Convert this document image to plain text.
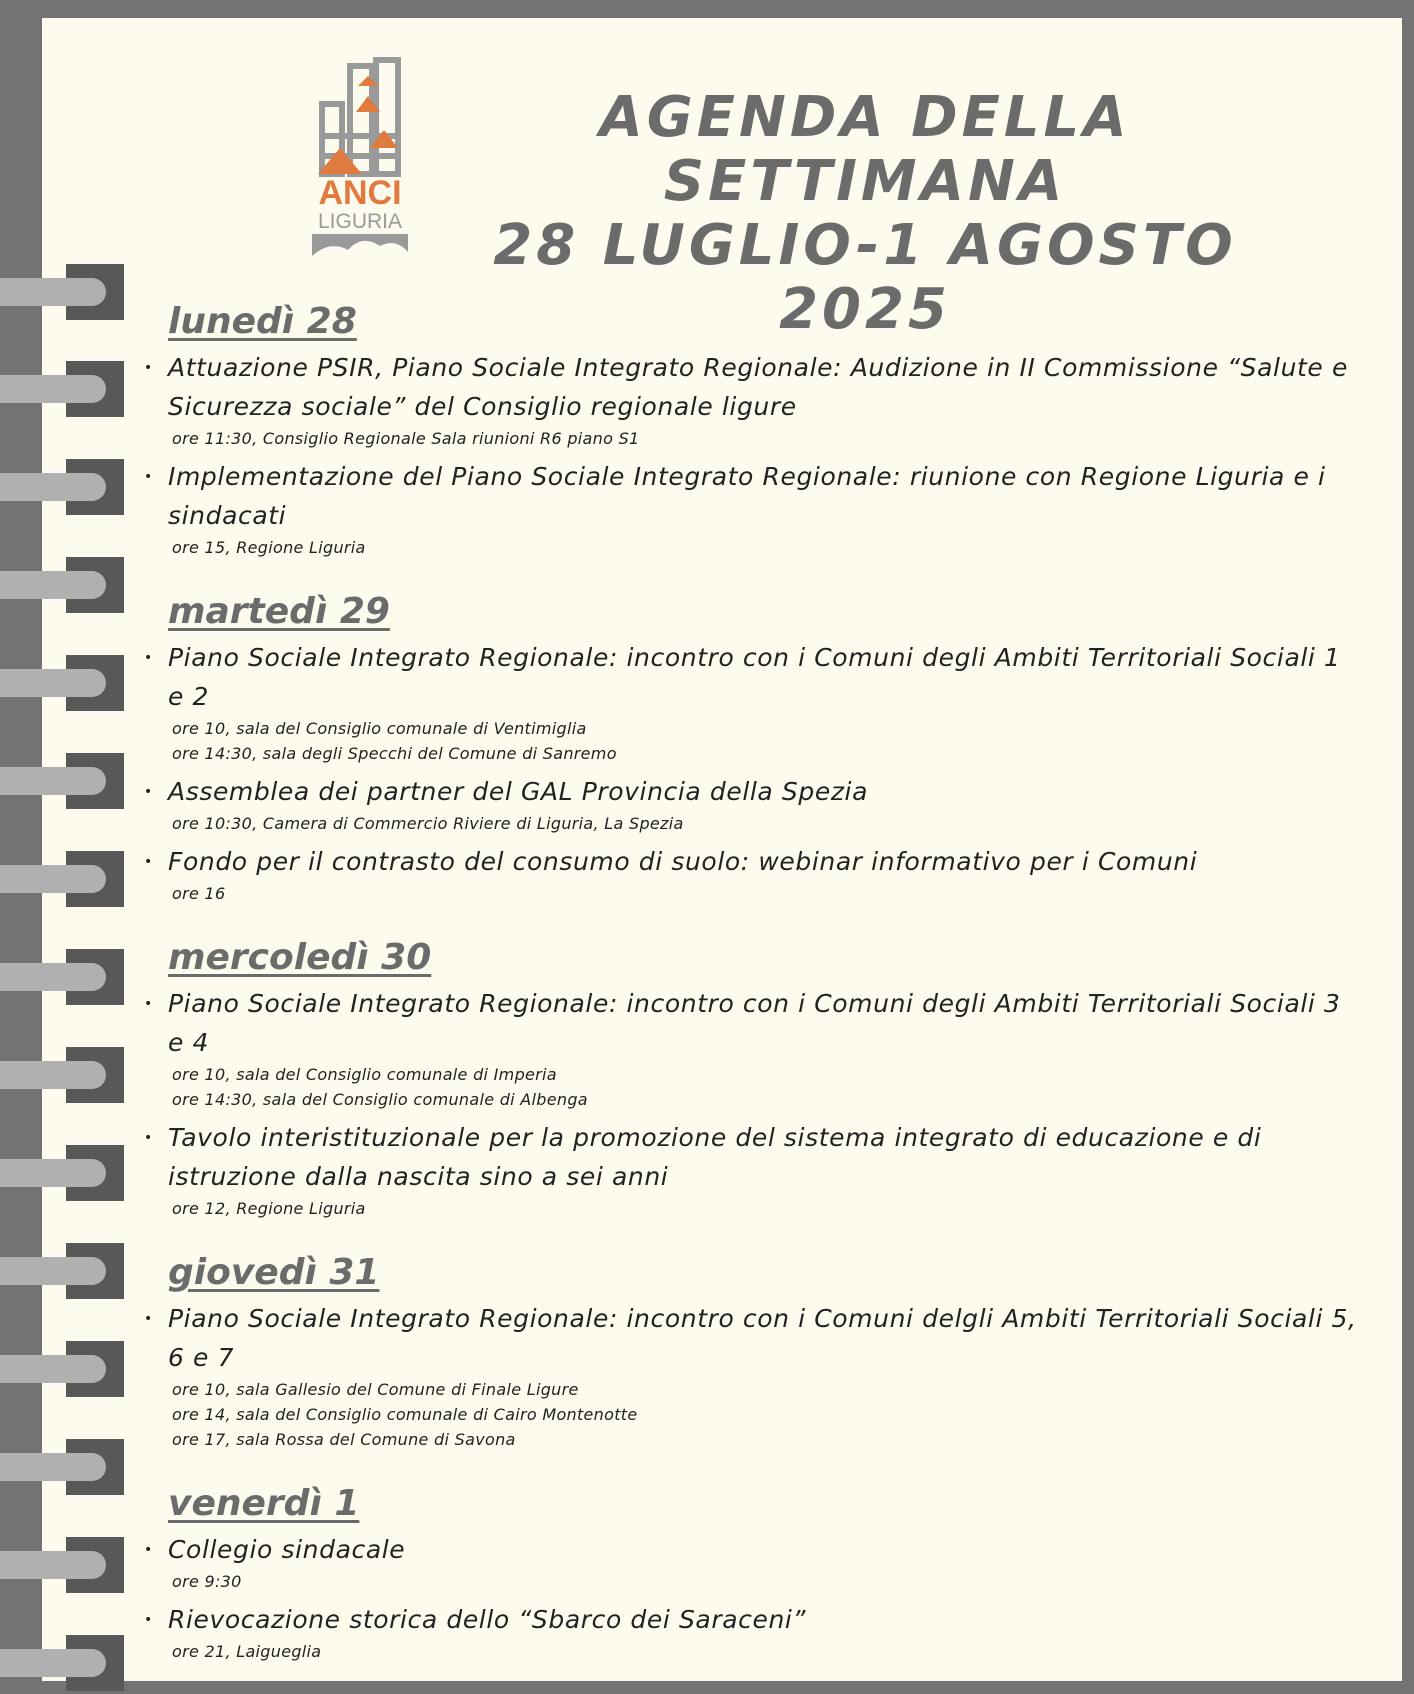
ANCI
LIGURIA
AGENDA DELLA SETTIMANA
28 LUGLIO-1 AGOSTO 2025
lunedì 28
• Attuazione PSIR, Piano Sociale Integrato Regionale: Audizione in II Commissione “Salute e Sicurezza sociale” del Consiglio regionale ligure
ore 11:30, Consiglio Regionale Sala riunioni R6 piano S1
• Implementazione del Piano Sociale Integrato Regionale: riunione con Regione Liguria e i sindacati
ore 15, Regione Liguria
martedì 29
• Piano Sociale Integrato Regionale: incontro con i Comuni degli Ambiti Territoriali Sociali 1 e 2
ore 10, sala del Consiglio comunale di Ventimiglia
ore 14:30, sala degli Specchi del Comune di Sanremo
• Assemblea dei partner del GAL Provincia della Spezia
ore 10:30, Camera di Commercio Riviere di Liguria, La Spezia
• Fondo per il contrasto del consumo di suolo: webinar informativo per i Comuni
ore 16
mercoledì 30
• Piano Sociale Integrato Regionale: incontro con i Comuni degli Ambiti Territoriali Sociali 3 e 4
ore 10, sala del Consiglio comunale di Imperia
ore 14:30, sala del Consiglio comunale di Albenga
• Tavolo interistituzionale per la promozione del sistema integrato di educazione e di istruzione dalla nascita sino a sei anni
ore 12, Regione Liguria
giovedì 31
• Piano Sociale Integrato Regionale: incontro con i Comuni delgli Ambiti Territoriali Sociali 5, 6 e 7
ore 10, sala Gallesio del Comune di Finale Ligure
ore 14, sala del Consiglio comunale di Cairo Montenotte
ore 17, sala Rossa del Comune di Savona
venerdì 1
• Collegio sindacale
ore 9:30
• Rievocazione storica dello “Sbarco dei Saraceni”
ore 21, Laigueglia
